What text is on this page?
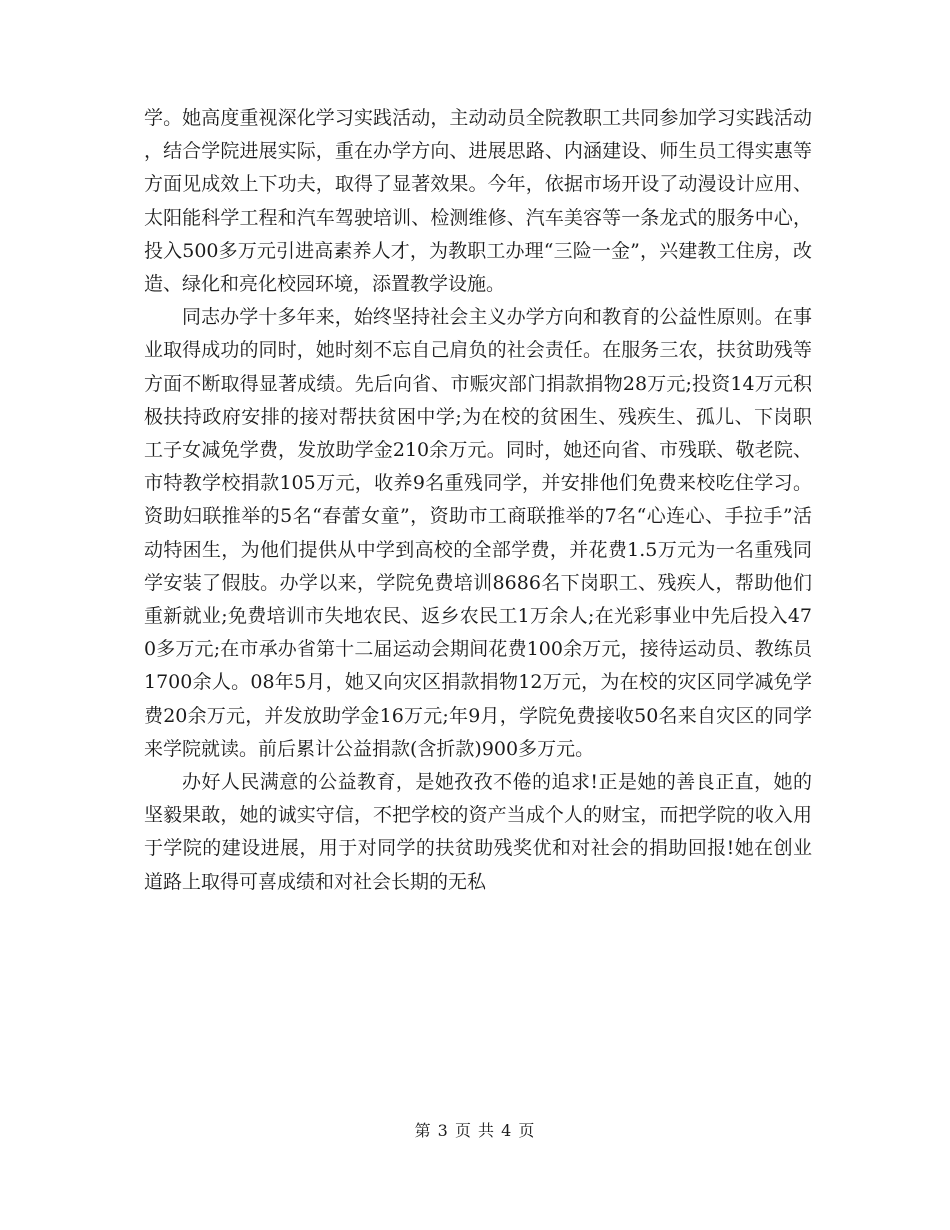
学。她高度重视深化学习实践活动，主动动员全院教职工共同参加学习实践活动，结合学院进展实际，重在办学方向、进展思路、内涵建设、师生员工得实惠等方面见成效上下功夫，取得了显著效果。今年，依据市场开设了动漫设计应用、太阳能科学工程和汽车驾驶培训、检测维修、汽车美容等一条龙式的服务中心，投入500多万元引进高素养人才，为教职工办理“三险一金”，兴建教工住房，改造、绿化和亮化校园环境，添置教学设施。

同志办学十多年来，始终坚持社会主义办学方向和教育的公益性原则。在事业取得成功的同时，她时刻不忘自己肩负的社会责任。在服务三农，扶贫助残等方面不断取得显著成绩。先后向省、市赈灾部门捐款捐物28万元;投资14万元积极扶持政府安排的接对帮扶贫困中学;为在校的贫困生、残疾生、孤儿、下岗职工子女减免学费，发放助学金210余万元。同时，她还向省、市残联、敬老院、市特教学校捐款105万元，收养9名重残同学，并安排他们免费来校吃住学习。资助妇联推举的5名“春蕾女童”，资助市工商联推举的7名“心连心、手拉手”活动特困生，为他们提供从中学到高校的全部学费，并花费1.5万元为一名重残同学安装了假肢。办学以来，学院免费培训8686名下岗职工、残疾人，帮助他们重新就业;免费培训市失地农民、返乡农民工1万余人;在光彩事业中先后投入470多万元;在市承办省第十二届运动会期间花费100余万元，接待运动员、教练员1700余人。08年5月，她又向灾区捐款捐物12万元，为在校的灾区同学减免学费20余万元，并发放助学金16万元;年9月，学院免费接收50名来自灾区的同学来学院就读。前后累计公益捐款(含折款)900多万元。

办好人民满意的公益教育，是她孜孜不倦的追求!正是她的善良正直，她的坚毅果敢，她的诚实守信，不把学校的资产当成个人的财宝，而把学院的收入用于学院的建设进展，用于对同学的扶贫助残奖优和对社会的捐助回报!她在创业道路上取得可喜成绩和对社会长期的无私

第 3 页 共 4 页
